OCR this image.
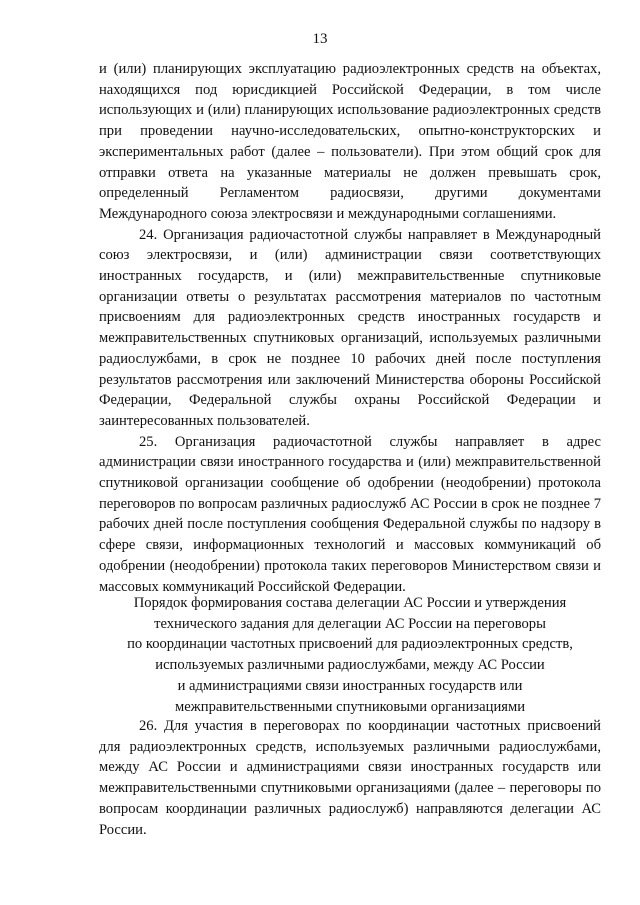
13

и (или) планирующих эксплуатацию радиоэлектронных средств на объектах, находящихся под юрисдикцией Российской Федерации, в том числе использующих и (или) планирующих использование радиоэлектронных средств при проведении научно-исследовательских, опытно-конструкторских и экспериментальных работ (далее – пользователи). При этом общий срок для отправки ответа на указанные материалы не должен превышать срок, определенный Регламентом радиосвязи, другими документами Международного союза электросвязи и международными соглашениями.

24. Организация радиочастотной службы направляет в Международный союз электросвязи, и (или) администрации связи соответствующих иностранных государств, и (или) межправительственные спутниковые организации ответы о результатах рассмотрения материалов по частотным присвоениям для радиоэлектронных средств иностранных государств и межправительственных спутниковых организаций, используемых различными радиослужбами, в срок не позднее 10 рабочих дней после поступления результатов рассмотрения или заключений Министерства обороны Российской Федерации, Федеральной службы охраны Российской Федерации и заинтересованных пользователей.

25. Организация радиочастотной службы направляет в адрес администрации связи иностранного государства и (или) межправительственной спутниковой организации сообщение об одобрении (неодобрении) протокола переговоров по вопросам различных радиослужб АС России в срок не позднее 7 рабочих дней после поступления сообщения Федеральной службы по надзору в сфере связи, информационных технологий и массовых коммуникаций об одобрении (неодобрении) протокола таких переговоров Министерством связи и массовых коммуникаций Российской Федерации.

Порядок формирования состава делегации АС России и утверждения
технического задания для делегации АС России на переговоры
по координации частотных присвоений для радиоэлектронных средств,
используемых различными радиослужбами, между АС России
и администрациями связи иностранных государств или
межправительственными спутниковыми организациями

26. Для участия в переговорах по координации частотных присвоений для радиоэлектронных средств, используемых различными радиослужбами, между АС России и администрациями связи иностранных государств или межправительственными спутниковыми организациями (далее – переговоры по вопросам координации различных радиослужб) направляются делегации АС России.
